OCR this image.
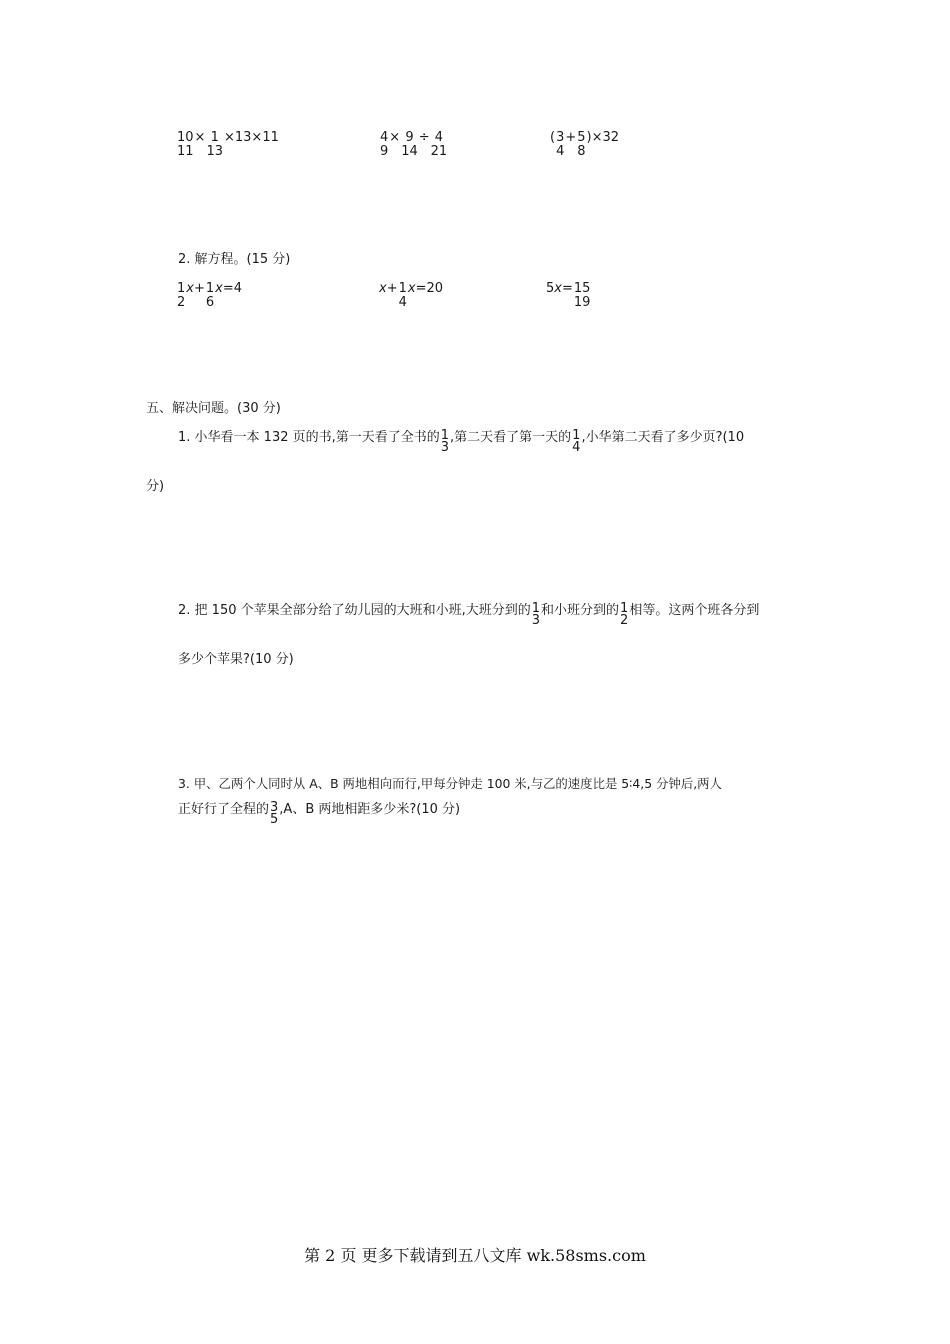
$\frac{10}{11} \times \frac{1}{13} \times 13\times 11$	$\frac{4}{9} \times \frac{9}{14} \div \frac{4}{21}$	( $\frac{3}{4} + \frac{5}{8} )\times 32$
2. 解方程。(15 分)
$\frac{1}{2}$ $x + \frac{1}{6}$ x =4	$x + \frac{1}{4}$ x =20	5 $x = \frac{15}{19}$
五、解决问题。(30 分)
1. 小华看一本 132 页的书,第一天看了全书的 1
3
,第二天看了第一天的 1
4
,小华第二天看了多少页?(10
分)
2. 把 150 个苹果全部分给了幼儿园的大班和小班,大班分到的 1
3
和小班分到的 1
2
相等。这两个班各分到
多少个苹果?(10 分)
3. 甲、乙两个人同时从 A、B 两地相向而行,甲每分钟走 100 米,与乙的速度比是 5∶4,5 分钟后,两人
正好行了全程的 3
5
,A、B 两地相距多少米?(10 分)
第 2 页 更多下载请到五八文库 wk.58sms.com
